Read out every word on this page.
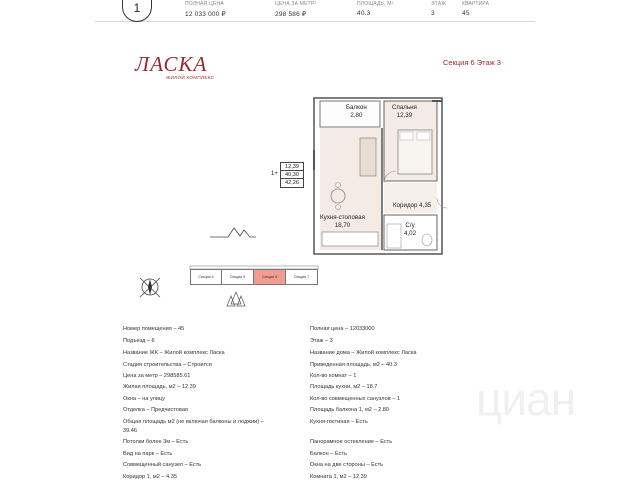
1	ПОЛНАЯ ЦЕНА
12 033 000 ₽
ЦЕНА ЗА МЕТР²
298 586 ₽
ПЛОЩАДЬ, М²
40.3
ЭТАЖ
3
КВАРТИРА
45
ЛАСКА
ЖИЛОЙ КОМПЛЕКС
Секция 6 Этаж 3
Балкон
2,80
Спальня
12,39
Коридор 4,35
Кухня-столовая
18,70	С/у
4,02
1+
12,39
40,30
42,26
Секция 4	Секция 5	Секция 6	Секция 7
циан
Номер помещения – 45
Подъезд – 6
Название ЖК – Жилой комплекс Ласка
Стадия строительства – Строится
Цена за метр – 298585.61
Жилая площадь, м2 – 12.39
Окна – на улицу
Отделка – Предчистовая
Общая площадь м2 (не включая балконы и лоджии) –
39.46
Потолки более 3м – Есть
Вид на парк – Есть
Совмещенный санузел – Есть
Коридор 1, м2 – 4.35
Полная цена – 12033000
Этаж – 3
Название дома – Жилой комплекс Ласка
Приведенная площадь, м2 – 40.3
Кол-во комнат – 1
Площадь кухни, м2 – 18.7
Кол-во совмещенных санузлов – 1
Площадь балкона 1, м2 – 2.80
Кухня-гостиная – Есть
Панорамное остекление – Есть
Балкон – Есть
Окна на две стороны – Есть
Комната 1, м2 – 12.39
